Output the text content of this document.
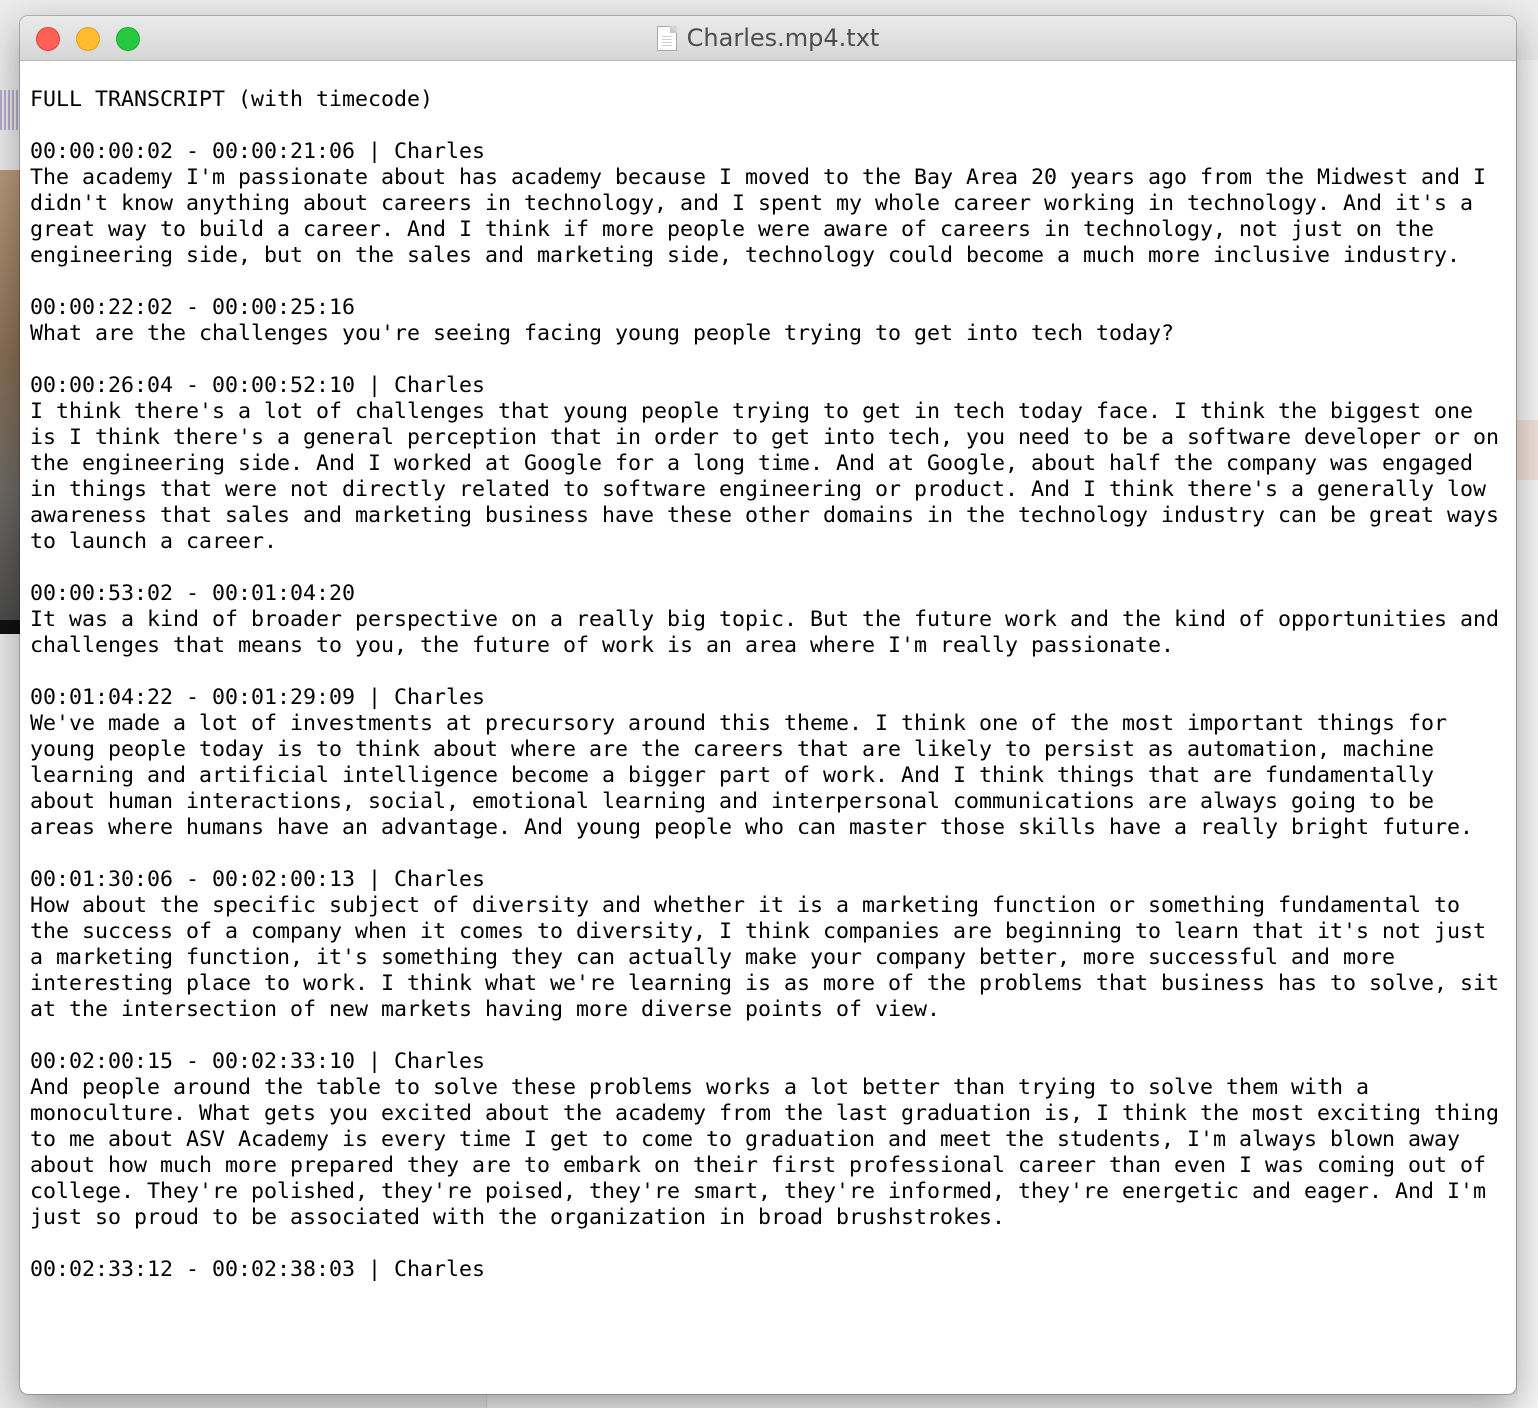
Charles.mp4.txt
FULL TRANSCRIPT (with timecode)
00:00:00:02 - 00:00:21:06 | Charles
The academy I'm passionate about has academy because I moved to the Bay Area 20 years ago from the Midwest and I didn't know anything about careers in technology, and I spent my whole career working in technology. And it's a great way to build a career. And I think if more people were aware of careers in technology, not just on the engineering side, but on the sales and marketing side, technology could become a much more inclusive industry.
00:00:22:02 - 00:00:25:16
What are the challenges you're seeing facing young people trying to get into tech today?
00:00:26:04 - 00:00:52:10 | Charles
I think there's a lot of challenges that young people trying to get in tech today face. I think the biggest one is I think there's a general perception that in order to get into tech, you need to be a software developer or on the engineering side. And I worked at Google for a long time. And at Google, about half the company was engaged in things that were not directly related to software engineering or product. And I think there's a generally low awareness that sales and marketing business have these other domains in the technology industry can be great ways to launch a career.
00:00:53:02 - 00:01:04:20
It was a kind of broader perspective on a really big topic. But the future work and the kind of opportunities and challenges that means to you, the future of work is an area where I'm really passionate.
00:01:04:22 - 00:01:29:09 | Charles
We've made a lot of investments at precursory around this theme. I think one of the most important things for young people today is to think about where are the careers that are likely to persist as automation, machine learning and artificial intelligence become a bigger part of work. And I think things that are fundamentally about human interactions, social, emotional learning and interpersonal communications are always going to be areas where humans have an advantage. And young people who can master those skills have a really bright future.
00:01:30:06 - 00:02:00:13 | Charles
How about the specific subject of diversity and whether it is a marketing function or something fundamental to the success of a company when it comes to diversity, I think companies are beginning to learn that it's not just a marketing function, it's something they can actually make your company better, more successful and more interesting place to work. I think what we're learning is as more of the problems that business has to solve, sit at the intersection of new markets having more diverse points of view.
00:02:00:15 - 00:02:33:10 | Charles
And people around the table to solve these problems works a lot better than trying to solve them with a monoculture. What gets you excited about the academy from the last graduation is, I think the most exciting thing to me about ASV Academy is every time I get to come to graduation and meet the students, I'm always blown away about how much more prepared they are to embark on their first professional career than even I was coming out of college. They're polished, they're poised, they're smart, they're informed, they're energetic and eager. And I'm just so proud to be associated with the organization in broad brushstrokes.
00:02:33:12 - 00:02:38:03 | Charles
